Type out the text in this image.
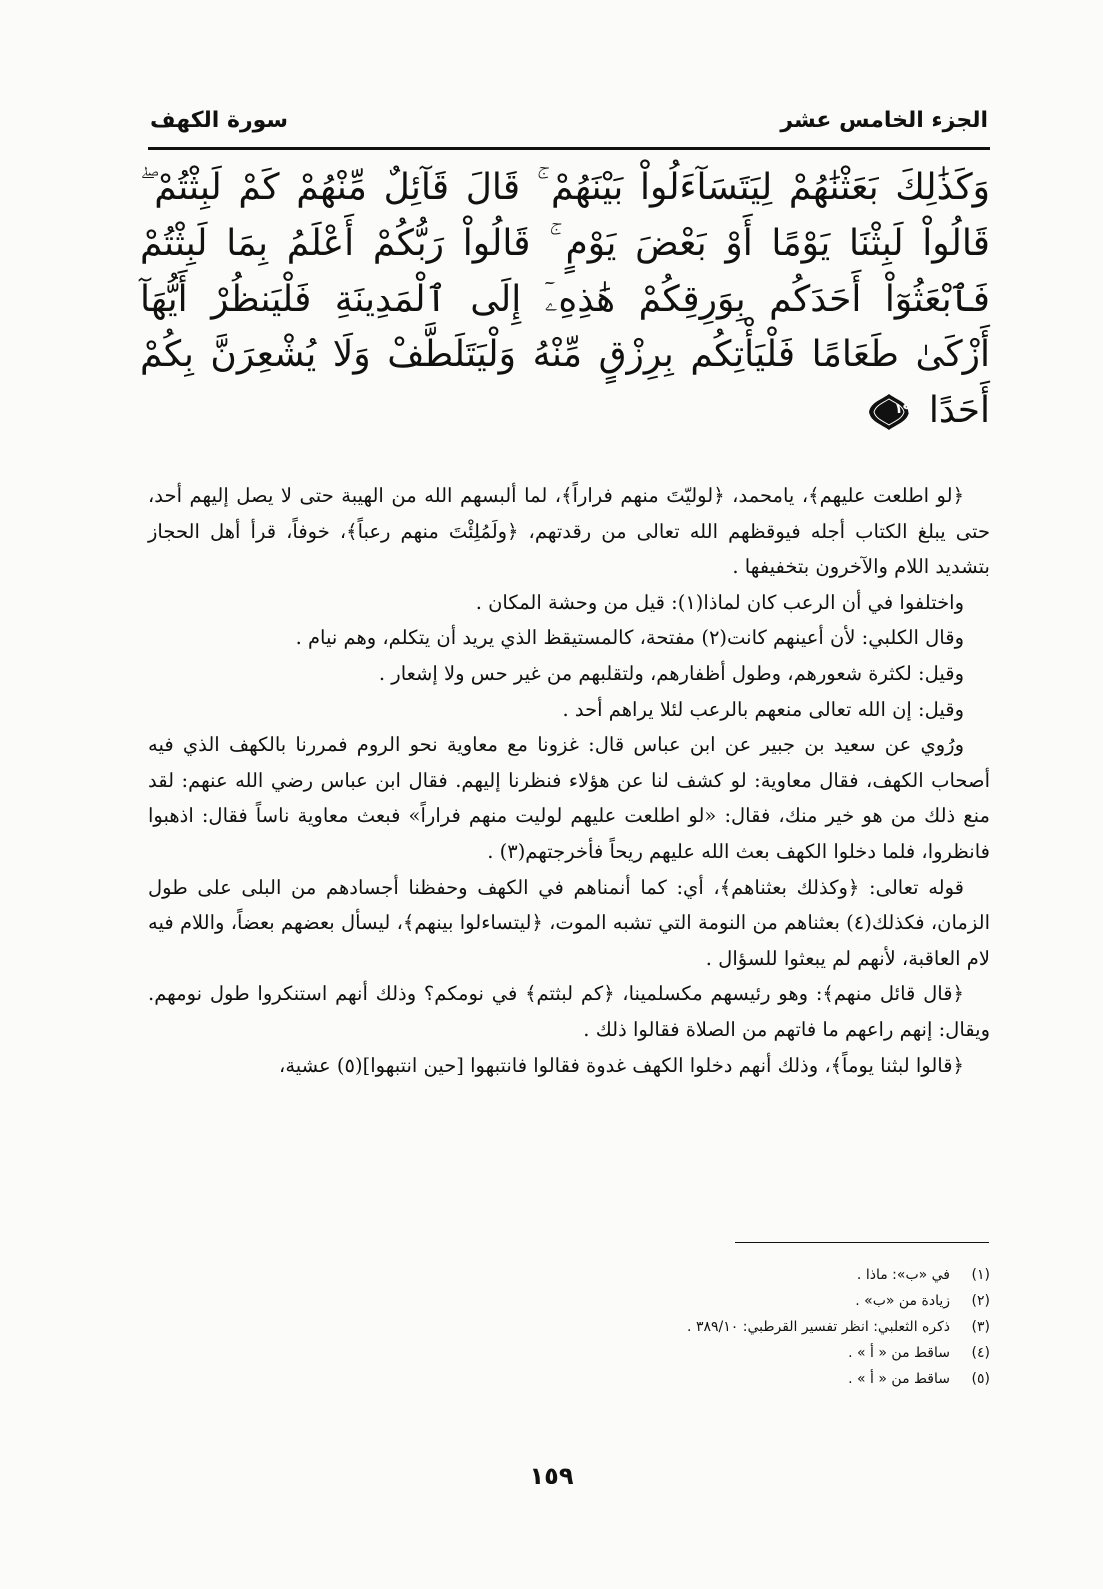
الجزء الخامس عشر
سورة الكهف
وَكَذَٰلِكَ بَعَثْنَٰهُمْ لِيَتَسَآءَلُواْ بَيْنَهُمْ ۚ قَالَ قَآئِلٌ مِّنْهُمْ كَمْ لَبِثْتُمْ ۖ قَالُواْ لَبِثْنَا يَوْمًا أَوْ بَعْضَ يَوْمٍ ۚ قَالُواْ رَبُّكُمْ أَعْلَمُ بِمَا لَبِثْتُمْ فَٱبْعَثُوٓاْ أَحَدَكُم بِوَرِقِكُمْ هَٰذِهِۦٓ إِلَى ٱلْمَدِينَةِ فَلْيَنظُرْ أَيُّهَآ أَزْكَىٰ طَعَامًا فَلْيَأْتِكُم بِرِزْقٍ مِّنْهُ وَلْيَتَلَطَّفْ وَلَا يُشْعِرَنَّ بِكُمْ أَحَدًا
١٩

﴿لو اطلعت عليهم﴾، يامحمد، ﴿لوليّتَ منهم فراراً﴾، لما ألبسهم الله من الهيبة حتى لا يصل إليهم أحد، حتى يبلغ الكتاب أجله فيوقظهم الله تعالى من رقدتهم، ﴿ولَمُلِئْتَ منهم رعباً﴾، خوفاً، قرأ أهل الحجاز بتشديد اللام والآخرون بتخفيفها .

واختلفوا في أن الرعب كان لماذا(١): قيل من وحشة المكان .

وقال الكلبي: لأن أعينهم كانت(٢) مفتحة، كالمستيقظ الذي يريد أن يتكلم، وهم نيام .

وقيل: لكثرة شعورهم، وطول أظفارهم، ولتقلبهم من غير حس ولا إشعار .

وقيل: إن الله تعالى منعهم بالرعب لئلا يراهم أحد .

ورُوي عن سعيد بن جبير عن ابن عباس قال: غزونا مع معاوية نحو الروم فمررنا بالكهف الذي فيه أصحاب الكهف، فقال معاوية: لو كشف لنا عن هؤلاء فنظرنا إليهم. فقال ابن عباس رضي الله عنهم: لقد منع ذلك من هو خير منك، فقال: «لو اطلعت عليهم لوليت منهم فراراً» فبعث معاوية ناساً فقال: اذهبوا فانظروا، فلما دخلوا الكهف بعث الله عليهم ريحاً فأخرجتهم(٣) .

قوله تعالى: ﴿وكذلك بعثناهم﴾، أي: كما أنمناهم في الكهف وحفظنا أجسادهم من البلى على طول الزمان، فكذلك(٤) بعثناهم من النومة التي تشبه الموت، ﴿ليتساءلوا بينهم﴾، ليسأل بعضهم بعضاً، واللام فيه لام العاقبة، لأنهم لم يبعثوا للسؤال .

﴿قال قائل منهم﴾: وهو رئيسهم مكسلمينا، ﴿كم لبثتم﴾ في نومكم؟ وذلك أنهم استنكروا طول نومهم. ويقال: إنهم راعهم ما فاتهم من الصلاة فقالوا ذلك .

﴿قالوا لبثنا يوماً﴾، وذلك أنهم دخلوا الكهف غدوة فقالوا فانتبهوا [حين انتبهوا](٥) عشية،

(١)
في «ب»: ماذا .
(٢)
زيادة من «ب» .
(٣)
ذكره الثعلبي: انظر تفسير القرطبي: ٣٨٩/١٠ .
(٤)
ساقط من « أ » .
(٥)
ساقط من « أ » .
١٥٩
